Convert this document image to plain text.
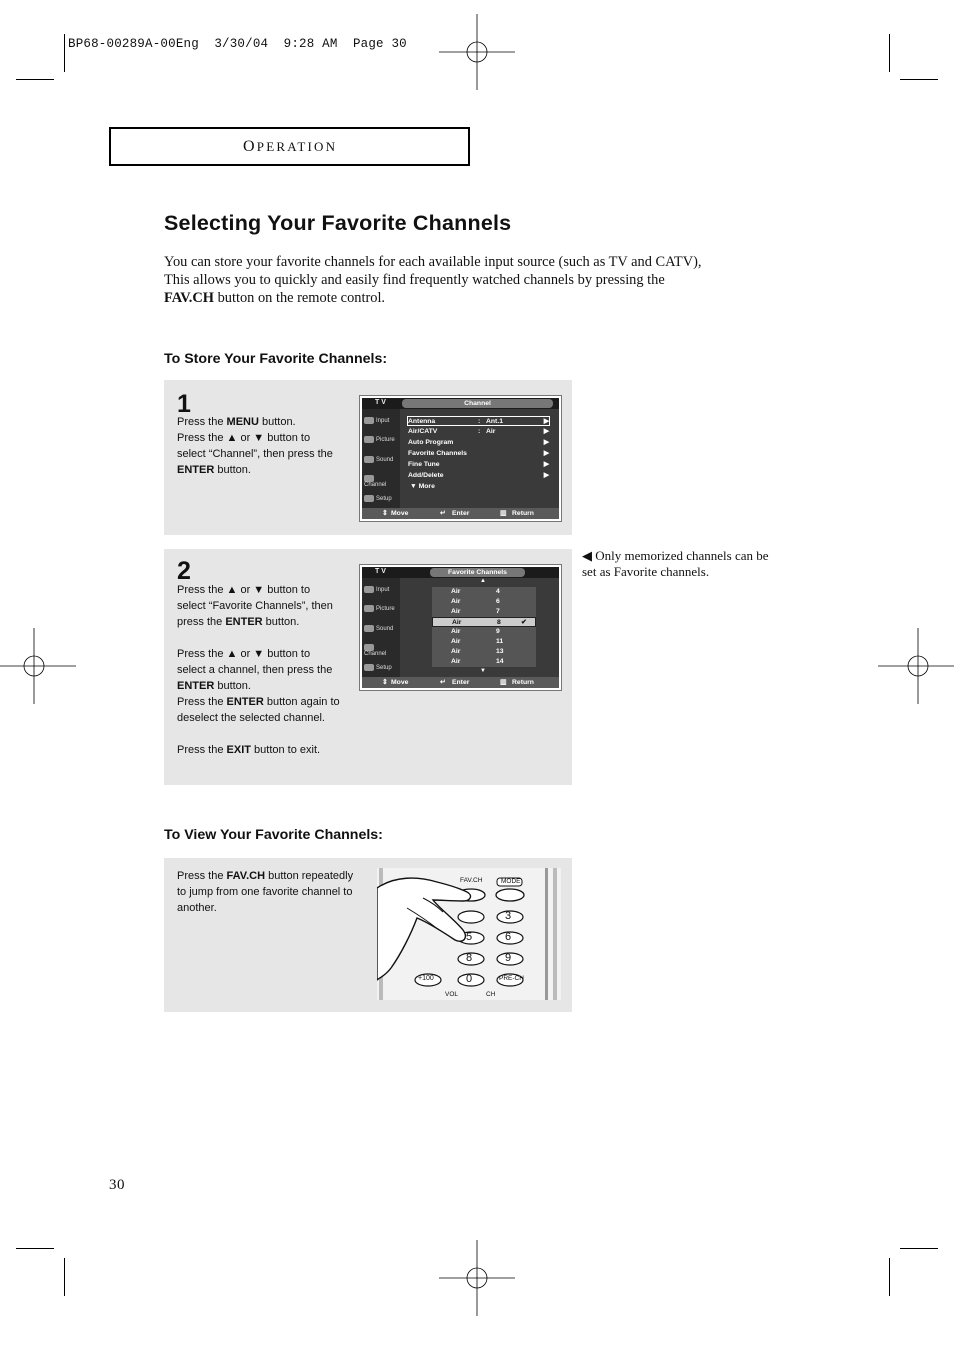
BP68-00289A-00Eng  3/30/04  9:28 AM  Page 30
OPERATION
Selecting Your Favorite Channels
You can store your favorite channels for each available input source (such as TV and CATV),
This allows you to quickly and easily find frequently watched channels by pressing the
FAV.CH button on the remote control.
To Store Your Favorite Channels:
1

Press the MENU button.

Press the ▲ or ▼ button to

select “Channel”, then press the

ENTER button.

T V	Channel
Input
Picture
Sound
Channel
Setup
Antenna	: Ant.1	▶
Air/CATV	: Air	▶
Auto Program	▶
Favorite Channels	▶
Fine Tune	▶
Add/Delete	▶
▼ More
⇕ Move	↵ Enter	▥ Return
2

Press the ▲ or ▼ button to

select “Favorite Channels”, then

press the ENTER button.

Press the ▲ or ▼ button to

select a channel, then press the

ENTER button.

Press the ENTER button again to

deselect the selected channel.

Press the EXIT button to exit.

T V	Favorite Channels
Input
Picture
Sound
Channel
Setup
▲
Air	4
Air	6
Air	7
Air	8	✔
Air	9
Air	11
Air	13
Air	14
▼
⇕ Move	↵ Enter	▥ Return
◀ Only memorized channels can be set as Favorite channels.
To View Your Favorite Channels:

Press the FAV.CH button repeatedly

to jump from one favorite channel to

another.

FAV.CH	MODE
3
5	6
8	9
+100	0	PRE-CH
VOL	CH
30
